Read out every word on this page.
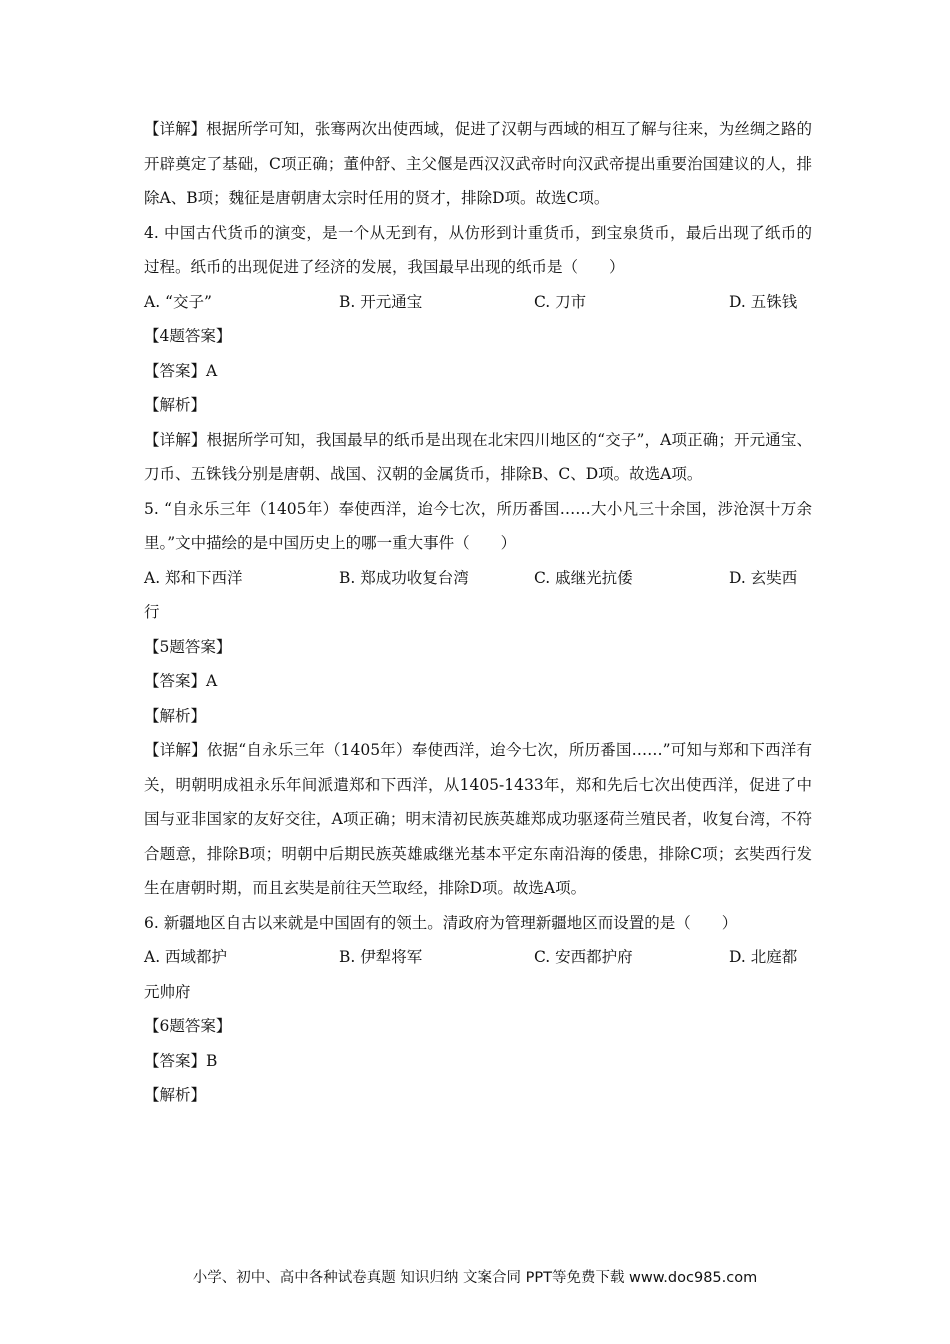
【详解】根据所学可知，张骞两次出使西域，促进了汉朝与西域的相互了解与往来，为丝绸之路的开辟奠定了基础，C项正确；董仲舒、主父偃是西汉汉武帝时向汉武帝提出重要治国建议的人，排除A、B项；魏征是唐朝唐太宗时任用的贤才，排除D项。故选C项。
4. 中国古代货币的演变，是一个从无到有，从仿形到计重货币，到宝泉货币，最后出现了纸币的过程。纸币的出现促进了经济的发展，我国最早出现的纸币是（　　）
A. “交子”	B. 开元通宝	C. 刀市	D. 五铢钱
【4题答案】
【答案】A
【解析】
【详解】根据所学可知，我国最早的纸币是出现在北宋四川地区的“交子”，A项正确；开元通宝、刀币、五铢钱分别是唐朝、战国、汉朝的金属货币，排除B、C、D项。故选A项。
5. “自永乐三年（1405年）奉使西洋，迨今七次，所历番国……大小凡三十余国，涉沧溟十万余里。”文中描绘的是中国历史上的哪一重大事件（　　）
A. 郑和下西洋	B. 郑成功收复台湾	C. 戚继光抗倭	D. 玄奘西
行
【5题答案】
【答案】A
【解析】
【详解】依据“自永乐三年（1405年）奉使西洋，迨今七次，所历番国……”可知与郑和下西洋有关，明朝明成祖永乐年间派遣郑和下西洋，从1405-1433年，郑和先后七次出使西洋，促进了中国与亚非国家的友好交往，A项正确；明末清初民族英雄郑成功驱逐荷兰殖民者，收复台湾，不符合题意，排除B项；明朝中后期民族英雄戚继光基本平定东南沿海的倭患，排除C项；玄奘西行发生在唐朝时期，而且玄奘是前往天竺取经，排除D项。故选A项。
6. 新疆地区自古以来就是中国固有的领土。清政府为管理新疆地区而设置的是（　　）
A. 西域都护	B. 伊犁将军	C. 安西都护府	D. 北庭都
元帅府
【6题答案】
【答案】B
【解析】
小学、初中、高中各种试卷真题 知识归纳 文案合同 PPT等免费下载 www.doc985.com
